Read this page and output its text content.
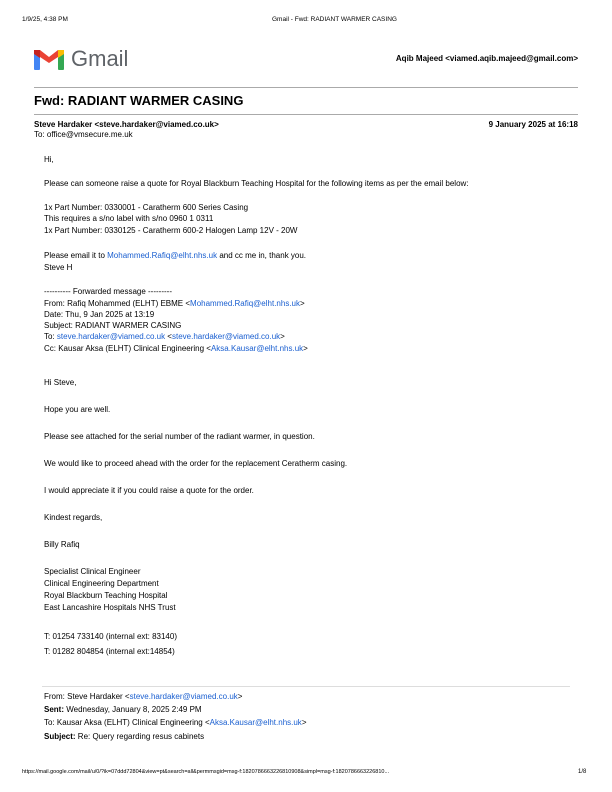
1/9/25, 4:38 PM	Gmail - Fwd: RADIANT WARMER CASING
Gmail	Aqib Majeed <viamed.aqib.majeed@gmail.com>
Fwd: RADIANT WARMER CASING
Steve Hardaker <steve.hardaker@viamed.co.uk>	9 January 2025 at 16:18
To: office@vmsecure.me.uk
Hi,
Please can someone raise a quote for Royal Blackburn Teaching Hospital for the following items as per the email below:
1x Part Number: 0330001 - Caratherm 600 Series Casing
This requires a s/no label with s/no 0960 1 0311
1x Part Number: 0330125 - Caratherm 600-2 Halogen Lamp 12V - 20W
Please email it to Mohammed.Rafiq@elht.nhs.uk and cc me in, thank you.
Steve H
---------- Forwarded message ---------
From: Rafiq Mohammed (ELHT) EBME <Mohammed.Rafiq@elht.nhs.uk>
Date: Thu, 9 Jan 2025 at 13:19
Subject: RADIANT WARMER CASING
To: steve.hardaker@viamed.co.uk <steve.hardaker@viamed.co.uk>
Cc: Kausar Aksa (ELHT) Clinical Engineering <Aksa.Kausar@elht.nhs.uk>
Hi Steve,
Hope you are well.
Please see attached for the serial number of the radiant warmer, in question.
We would like to proceed ahead with the order for the replacement Ceratherm casing.
I would appreciate it if you could raise a quote for the order.
Kindest regards,
Billy Rafiq
Specialist Clinical Engineer
Clinical Engineering Department
Royal Blackburn Teaching Hospital
East Lancashire Hospitals NHS Trust
T: 01254 733140 (internal ext: 83140)
T: 01282 804854 (internal ext:14854)
From: Steve Hardaker <steve.hardaker@viamed.co.uk>
Sent: Wednesday, January 8, 2025 2:49 PM
To: Kausar Aksa (ELHT) Clinical Engineering <Aksa.Kausar@elht.nhs.uk>
Subject: Re: Query regarding resus cabinets
https://mail.google.com/mail/u/0/?ik=07ddd72804&view=pt&search=all&permmsgid=msg-f:1820786663226810908&simpl=msg-f:1820786663226810...	1/8
